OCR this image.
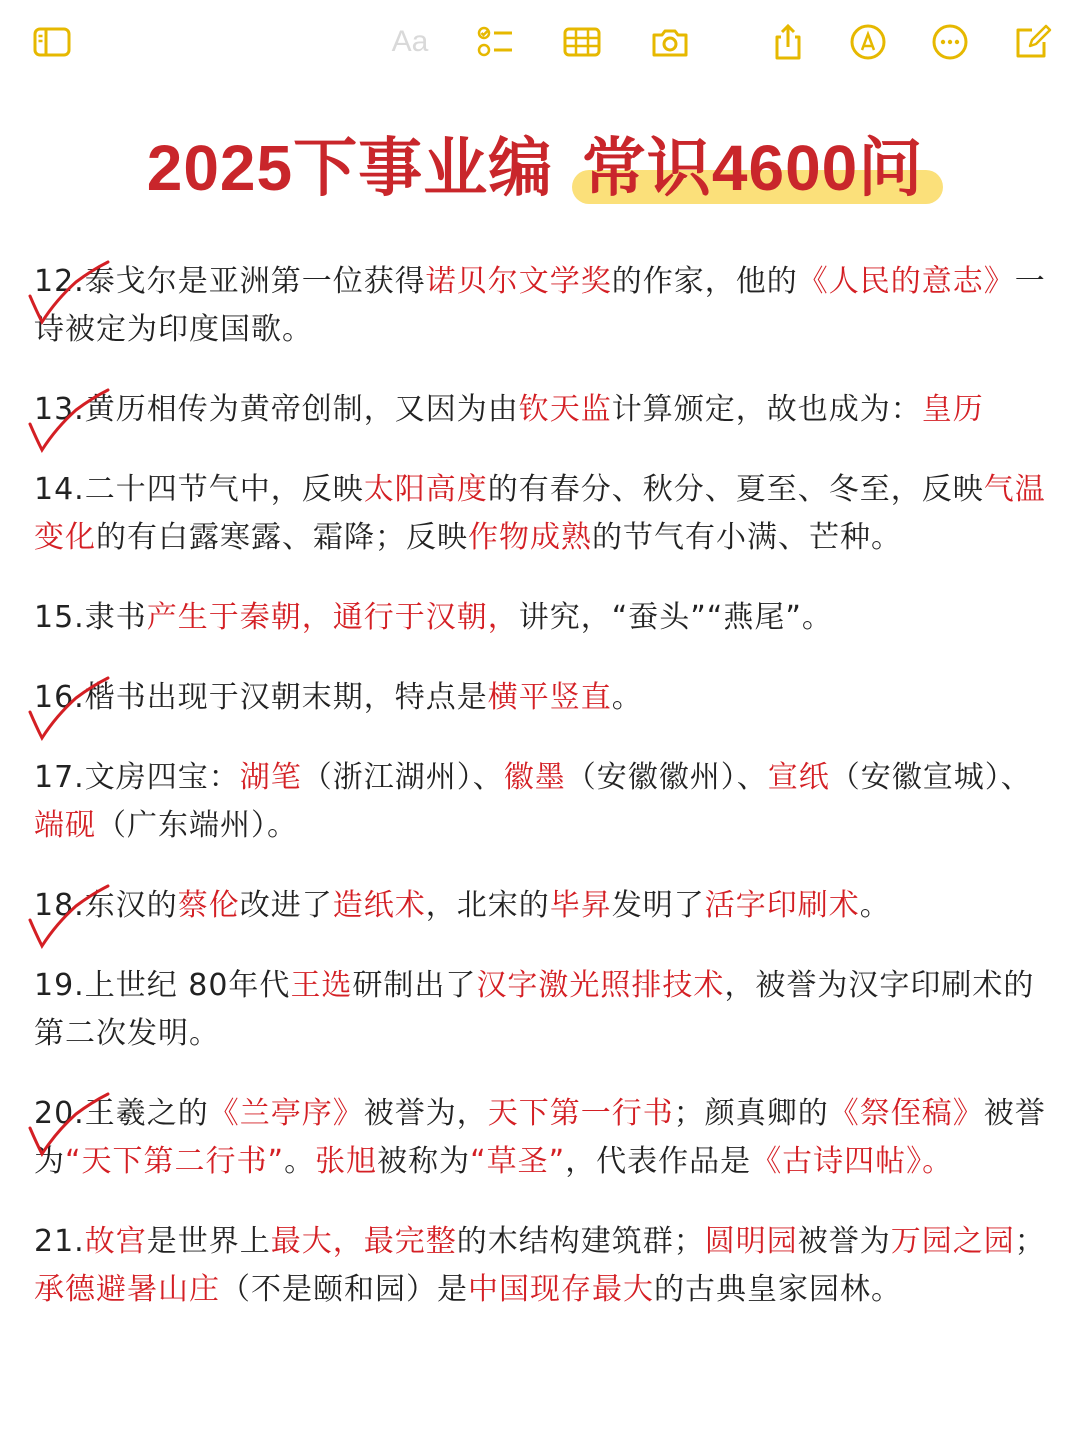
Aa
2025下事业编 常识4600问
12.泰戈尔是亚洲第一位获得诺贝尔文学奖的作家，他的《人民的意志》一诗被定为印度国歌。
13.黄历相传为黄帝创制，又因为由钦天监计算颁定，故也成为：皇历
14.二十四节气中，反映太阳高度的有春分、秋分、夏至、冬至，反映气温变化的有白露寒露、霜降；反映作物成熟的节气有小满、芒种。
15.隶书产生于秦朝，通行于汉朝，讲究，“蚕头”“燕尾”。
16.楷书出现于汉朝末期，特点是横平竖直。
17.文房四宝：湖笔（浙江湖州）、徽墨（安徽徽州）、宣纸（安徽宣城）、端砚（广东端州）。
18.东汉的蔡伦改进了造纸术，北宋的毕昇发明了活字印刷术。
19.上世纪 80年代王选研制出了汉字激光照排技术，被誉为汉字印刷术的第二次发明。
20.王羲之的《兰亭序》被誉为，天下第一行书；颜真卿的《祭侄稿》被誉为“天下第二行书”。张旭被称为“草圣”，代表作品是《古诗四帖》。
21.故宫是世界上最大，最完整的木结构建筑群；圆明园被誉为万园之园；承德避暑山庄（不是颐和园）是中国现存最大的古典皇家园林。
